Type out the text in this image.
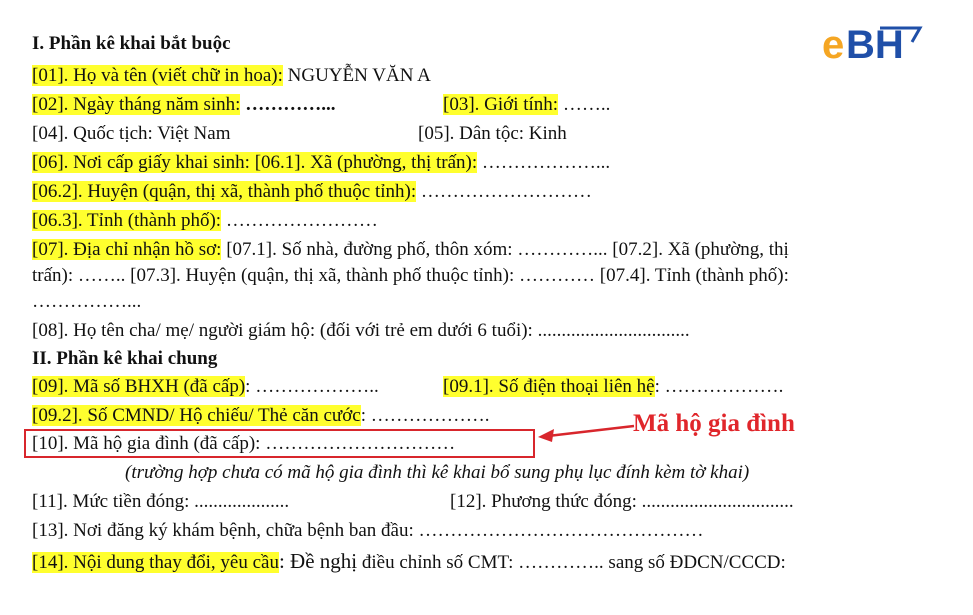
e BH
I. Phần kê khai bắt buộc
[01]. Họ và tên (viết chữ in hoa): NGUYỄN VĂN A
[02]. Ngày tháng năm sinh: …………...	[03]. Giới tính: ……..
[04]. Quốc tịch: Việt Nam	[05]. Dân tộc: Kinh
[06]. Nơi cấp giấy khai sinh: [06.1]. Xã (phường, thị trấn): ………………...
[06.2]. Huyện (quận, thị xã, thành phố thuộc tỉnh): ………………………
[06.3]. Tỉnh (thành phố): ……………………
[07]. Địa chỉ nhận hồ sơ: [07.1]. Số nhà, đường phố, thôn xóm: …………... [07.2]. Xã (phường, thị
trấn): …….. [07.3]. Huyện (quận, thị xã, thành phố thuộc tỉnh): ………… [07.4]. Tỉnh (thành phố):
……………...
[08]. Họ tên cha/ mẹ/ người giám hộ: (đối với trẻ em dưới 6 tuổi): ................................
II. Phần kê khai chung
[09]. Mã số BHXH (đã cấp): ………………..	[09.1]. Số điện thoại liên hệ: ……………….
[09.2]. Số CMND/ Hộ chiếu/ Thẻ căn cước: ……………….
[10]. Mã hộ gia đình (đã cấp): …………………………
Mã hộ gia đình
(trường hợp chưa có mã hộ gia đình thì kê khai bổ sung phụ lục đính kèm tờ khai)
[11]. Mức tiền đóng: ....................	[12]. Phương thức đóng: ................................
[13]. Nơi đăng ký khám bệnh, chữa bệnh ban đầu: ………………………………………
[14]. Nội dung thay đổi, yêu cầu: Đề nghị điều chỉnh số CMT: ………….. sang số ĐDCN/CCCD:
